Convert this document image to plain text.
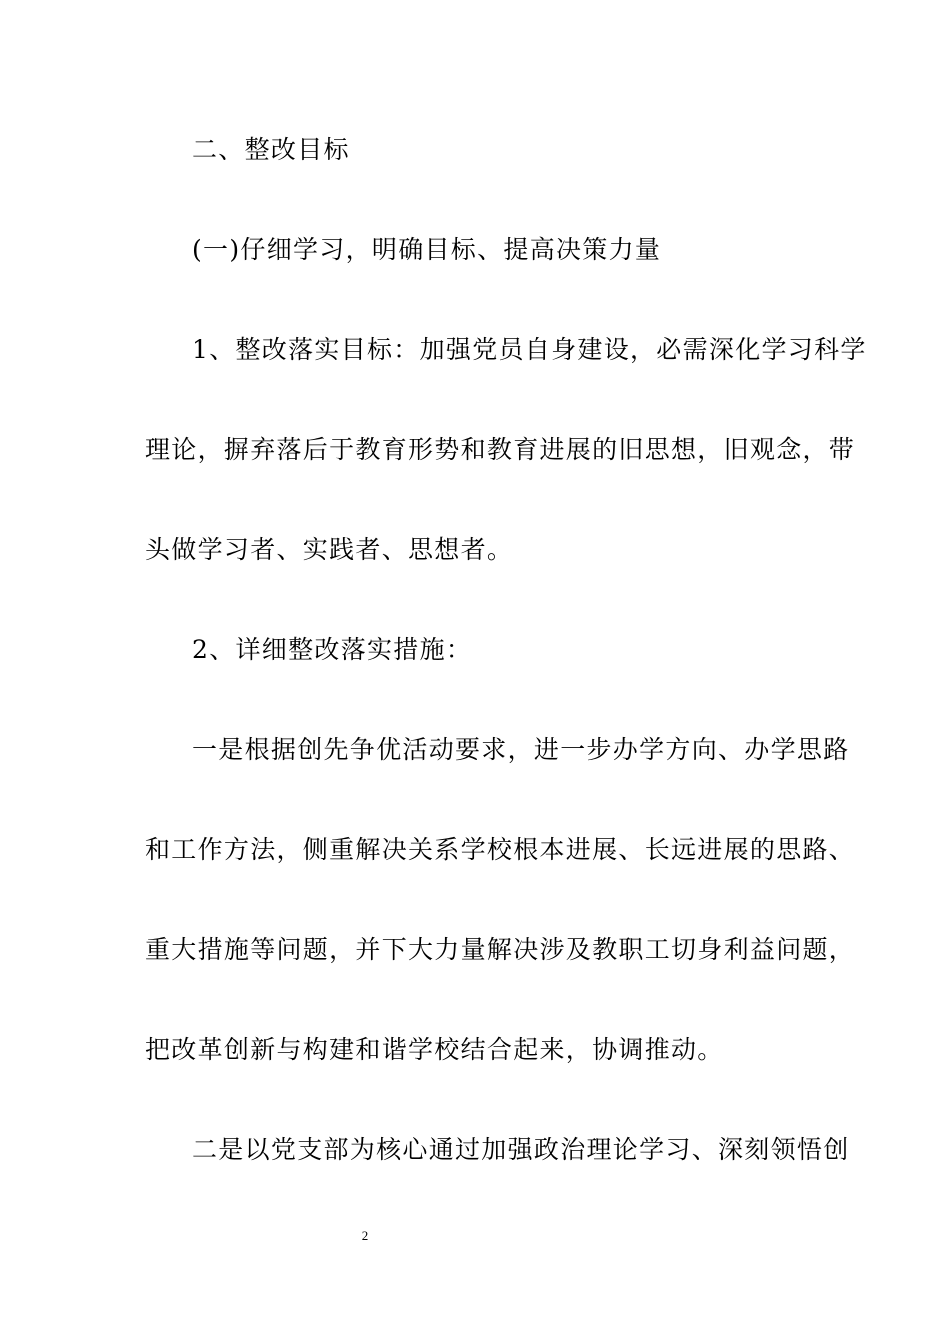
二、整改目标
(一)仔细学习，明确目标、提高决策力量
1、整改落实目标：加强党员自身建设，必需深化学习科学
理论，摒弃落后于教育形势和教育进展的旧思想，旧观念，带
头做学习者、实践者、思想者。
2、详细整改落实措施：
一是根据创先争优活动要求，进一步办学方向、办学思路
和工作方法，侧重解决关系学校根本进展、长远进展的思路、
重大措施等问题，并下大力量解决涉及教职工切身利益问题，
把改革创新与构建和谐学校结合起来，协调推动。
二是以党支部为核心通过加强政治理论学习、深刻领悟创
2
